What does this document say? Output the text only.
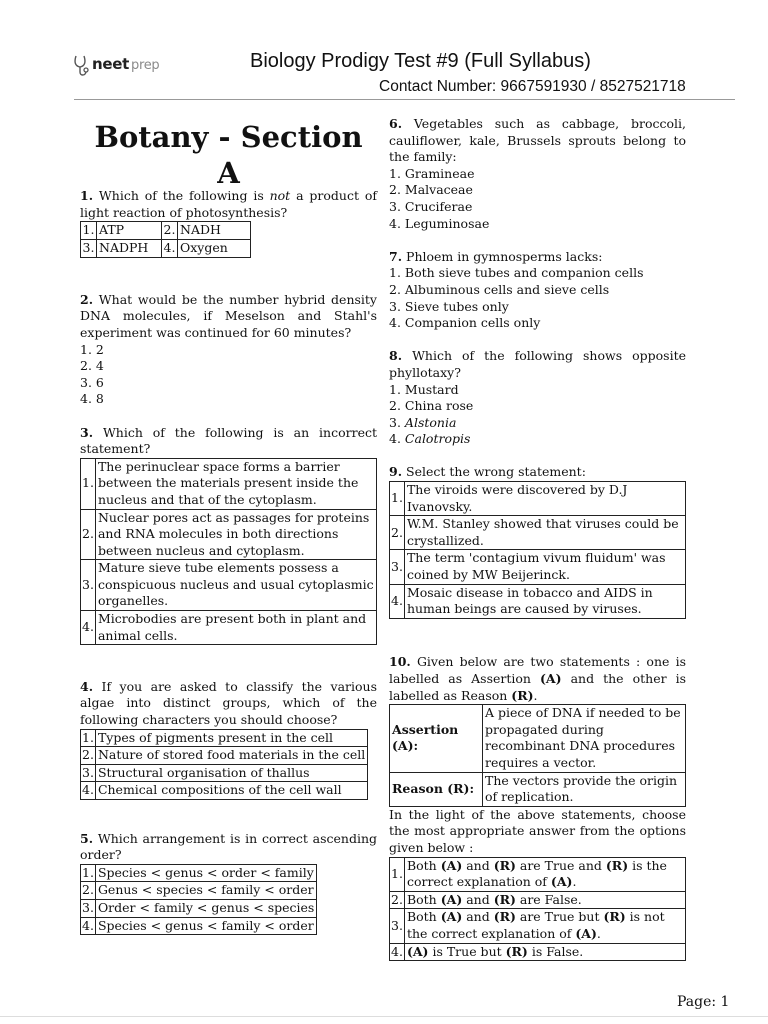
neet prep	Biology Prodigy Test #9 (Full Syllabus)
Contact Number: 9667591930 / 8527521718
Botany - Section A
1. Which of the following is not a product of light reaction of photosynthesis?
1.	ATP	2.	NADH
3.	NADPH	4.	Oxygen
2. What would be the number hybrid density DNA molecules, if Meselson and Stahl's experiment was continued for 60 minutes?
1. 2
2. 4
3. 6
4. 8
3. Which of the following is an incorrect statement?
1.	The perinuclear space forms a barrier between the materials present inside the nucleus and that of the cytoplasm.
2.	Nuclear pores act as passages for proteins and RNA molecules in both directions between nucleus and cytoplasm.
3.	Mature sieve tube elements possess a conspicuous nucleus and usual cytoplasmic organelles.
4.	Microbodies are present both in plant and animal cells.
4. If you are asked to classify the various algae into distinct groups, which of the following characters you should choose?
1.	Types of pigments present in the cell
2.	Nature of stored food materials in the cell
3.	Structural organisation of thallus
4.	Chemical compositions of the cell wall
5. Which arrangement is in correct ascending order?
1.	Species < genus < order < family
2.	Genus < species < family < order
3.	Order < family < genus < species
4.	Species < genus < family < order
6. Vegetables such as cabbage, broccoli, cauliflower, kale, Brussels sprouts belong to the family:
1. Gramineae
2. Malvaceae
3. Cruciferae
4. Leguminosae
7. Phloem in gymnosperms lacks:
1. Both sieve tubes and companion cells
2. Albuminous cells and sieve cells
3. Sieve tubes only
4. Companion cells only
8. Which of the following shows opposite phyllotaxy?
1. Mustard
2. China rose
3. Alstonia
4. Calotropis
9. Select the wrong statement:
1.	The viroids were discovered by D.J Ivanovsky.
2.	W.M. Stanley showed that viruses could be crystallized.
3.	The term 'contagium vivum fluidum' was coined by MW Beijerinck.
4.	Mosaic disease in tobacco and AIDS in human beings are caused by viruses.
10. Given below are two statements : one is labelled as Assertion (A) and the other is labelled as Reason (R).
Assertion (A):	A piece of DNA if needed to be propagated during recombinant DNA procedures requires a vector.
Reason (R):	The vectors provide the origin of replication.
In the light of the above statements, choose the most appropriate answer from the options given below :
1.	Both (A) and (R) are True and (R) is the correct explanation of (A).
2.	Both (A) and (R) are False.
3.	Both (A) and (R) are True but (R) is not the correct explanation of (A).
4.	(A) is True but (R) is False.
Page: 1
